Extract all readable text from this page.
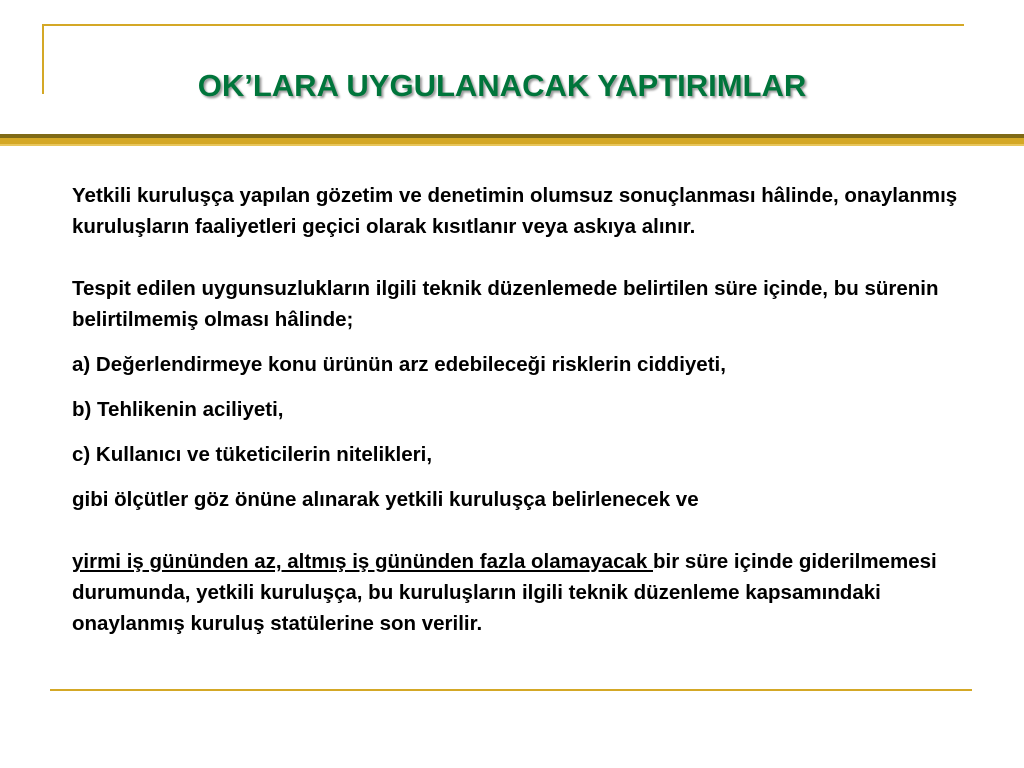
OK’LARA UYGULANACAK YAPTIRIMLAR

Yetkili kuruluşça yapılan gözetim ve denetimin olumsuz sonuçlanması hâlinde, onaylanmış kuruluşların faaliyetleri geçici olarak kısıtlanır veya askıya alınır.

Tespit edilen uygunsuzlukların ilgili teknik düzenlemede belirtilen süre içinde, bu sürenin belirtilmemiş olması hâlinde;

a) Değerlendirmeye konu ürünün arz edebileceği risklerin ciddiyeti,

b) Tehlikenin aciliyeti,

c) Kullanıcı ve tüketicilerin nitelikleri,

gibi ölçütler göz önüne alınarak yetkili kuruluşça belirlenecek ve

yirmi iş gününden az, altmış iş gününden fazla olamayacak bir süre içinde giderilmemesi durumunda, yetkili kuruluşça, bu kuruluşların ilgili teknik düzenleme kapsamındaki onaylanmış kuruluş statülerine son verilir.
